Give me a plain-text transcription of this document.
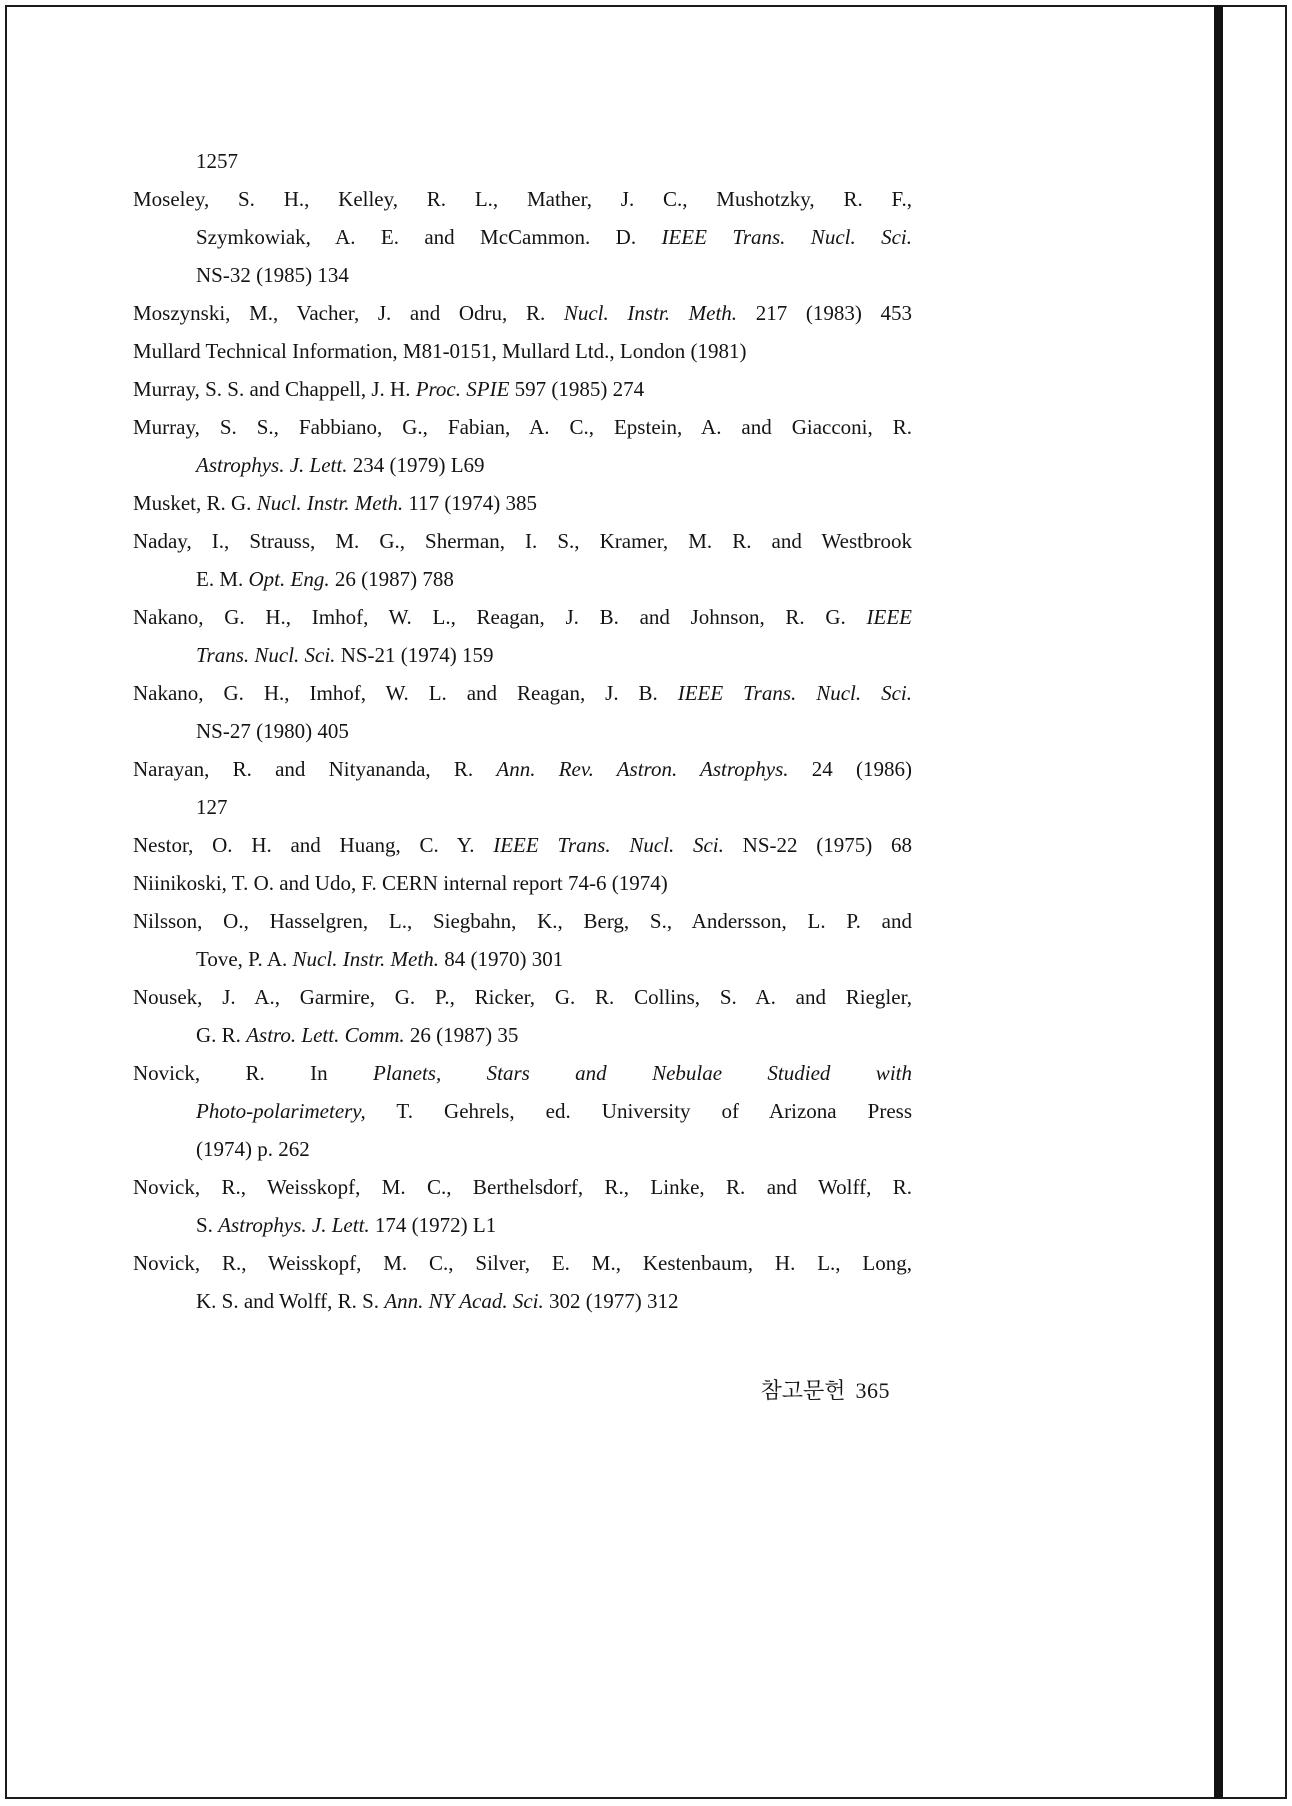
1257
Moseley, S. H., Kelley, R. L., Mather, J. C., Mushotzky, R. F.,
Szymkowiak, A. E. and McCammon. D. IEEE Trans. Nucl. Sci.
NS-32 (1985) 134
Moszynski, M., Vacher, J. and Odru, R. Nucl. Instr. Meth. 217 (1983) 453
Mullard Technical Information, M81-0151, Mullard Ltd., London (1981)
Murray, S. S. and Chappell, J. H. Proc. SPIE 597 (1985) 274
Murray, S. S., Fabbiano, G., Fabian, A. C., Epstein, A. and Giacconi, R.
Astrophys. J. Lett. 234 (1979) L69
Musket, R. G. Nucl. Instr. Meth. 117 (1974) 385
Naday, I., Strauss, M. G., Sherman, I. S., Kramer, M. R. and Westbrook
E. M. Opt. Eng. 26 (1987) 788
Nakano, G. H., Imhof, W. L., Reagan, J. B. and Johnson, R. G. IEEE
Trans. Nucl. Sci. NS-21 (1974) 159
Nakano, G. H., Imhof, W. L. and Reagan, J. B. IEEE Trans. Nucl. Sci.
NS-27 (1980) 405
Narayan, R. and Nityananda, R. Ann. Rev. Astron. Astrophys. 24 (1986)
127
Nestor, O. H. and Huang, C. Y. IEEE Trans. Nucl. Sci. NS-22 (1975) 68
Niinikoski, T. O. and Udo, F. CERN internal report 74-6 (1974)
Nilsson, O., Hasselgren, L., Siegbahn, K., Berg, S., Andersson, L. P. and
Tove, P. A. Nucl. Instr. Meth. 84 (1970) 301
Nousek, J. A., Garmire, G. P., Ricker, G. R. Collins, S. A. and Riegler,
G. R. Astro. Lett. Comm. 26 (1987) 35
Novick, R. In Planets, Stars and Nebulae Studied with
Photo-polarimetery, T. Gehrels, ed. University of Arizona Press
(1974) p. 262
Novick, R., Weisskopf, M. C., Berthelsdorf, R., Linke, R. and Wolff, R.
S. Astrophys. J. Lett. 174 (1972) L1
Novick, R., Weisskopf, M. C., Silver, E. M., Kestenbaum, H. L., Long,
K. S. and Wolff, R. S. Ann. NY Acad. Sci. 302 (1977) 312
참고문헌 365
